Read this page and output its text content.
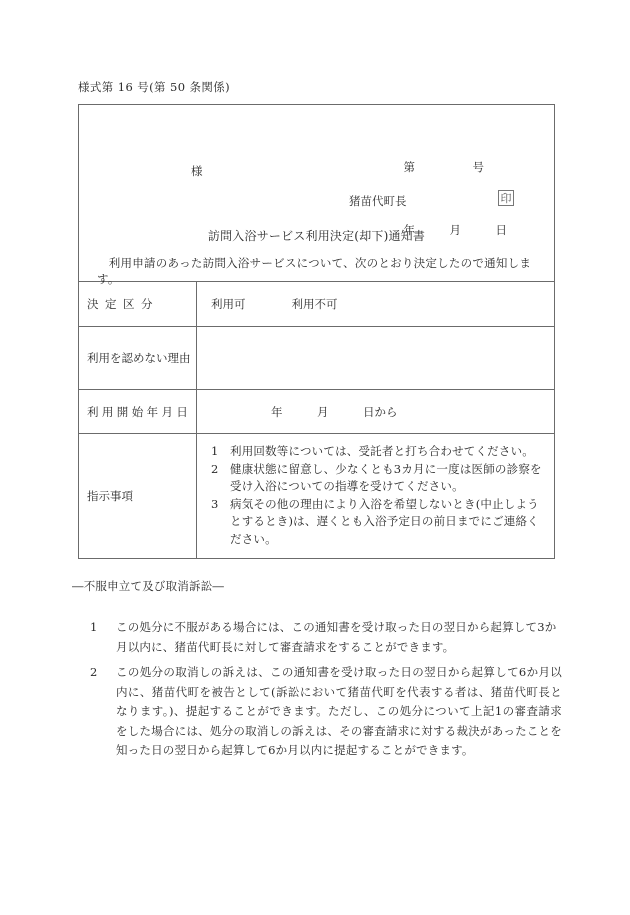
様式第 16 号(第 50 条関係)

第　　　　　号

年　　　月　　　日

様
猪苗代町長	印
訪問入浴サービス利用決定(却下)通知書
　利用申請のあった訪問入浴サービスについて、次のとおり決定したので通知します。
決定区分	利用可　　　　利用不可
利用を認めない理由
利用開始年月日	年　　　月　　　日から
指示事項
1 利用回数等については、受託者と打ち合わせてください。
2 健康状態に留意し、少なくとも3カ月に一度は医師の診察を受け入浴についての指導を受けてください。
3 病気その他の理由により入浴を希望しないとき(中止しようとするとき)は、遅くとも入浴予定日の前日までにご連絡ください。
―不服申立て及び取消訴訟―
1 この処分に不服がある場合には、この通知書を受け取った日の翌日から起算して3か月以内に、猪苗代町長に対して審査請求をすることができます。
2 この処分の取消しの訴えは、この通知書を受け取った日の翌日から起算して6か月以内に、猪苗代町を被告として(訴訟において猪苗代町を代表する者は、猪苗代町長となります。)、提起することができます。ただし、この処分について上記1の審査請求をした場合には、処分の取消しの訴えは、その審査請求に対する裁決があったことを知った日の翌日から起算して6か月以内に提起することができます。
